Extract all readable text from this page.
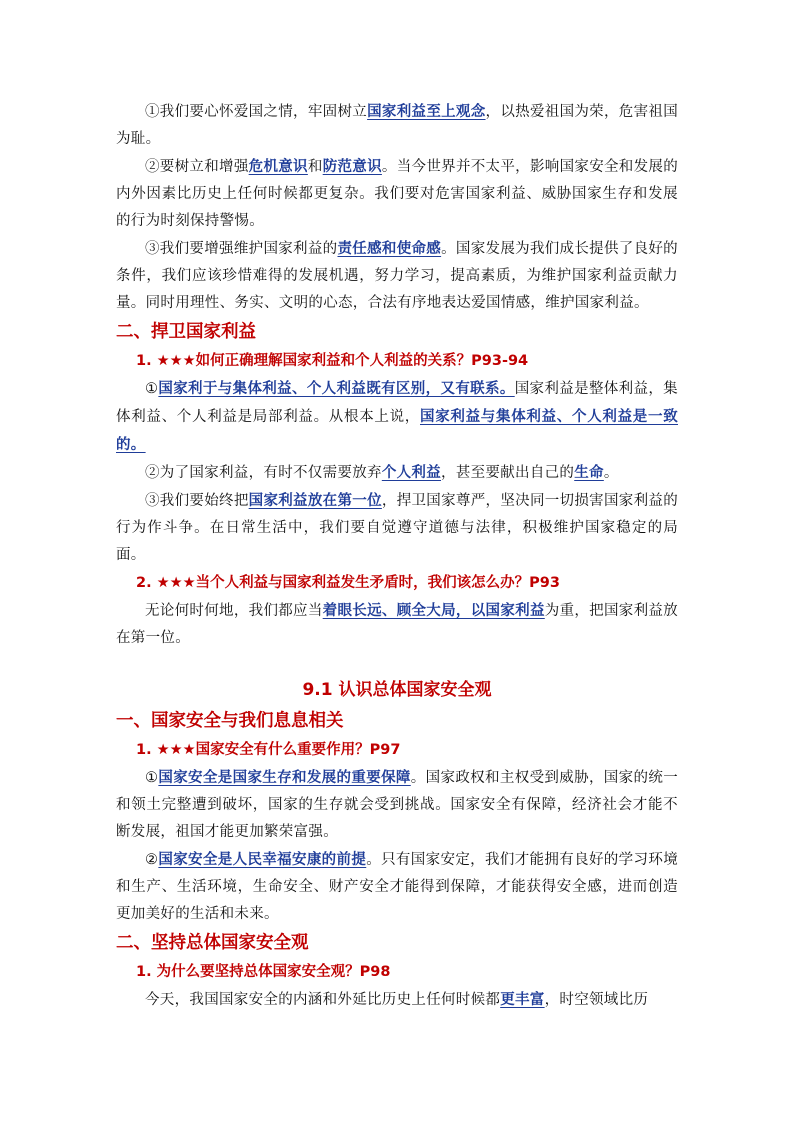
①我们要心怀爱国之情，牢固树立国家利益至上观念，以热爱祖国为荣，危害祖国为耻。

②要树立和增强危机意识和防范意识。当今世界并不太平，影响国家安全和发展的内外因素比历史上任何时候都更复杂。我们要对危害国家利益、威胁国家生存和发展的行为时刻保持警惕。

③我们要增强维护国家利益的责任感和使命感。国家发展为我们成长提供了良好的条件，我们应该珍惜难得的发展机遇，努力学习，提高素质，为维护国家利益贡献力量。同时用理性、务实、文明的心态，合法有序地表达爱国情感，维护国家利益。

二、捍卫国家利益

1. ★★★如何正确理解国家利益和个人利益的关系？P93-94

①国家利于与集体利益、个人利益既有区别，又有联系。国家利益是整体利益，集体利益、个人利益是局部利益。从根本上说，国家利益与集体利益、个人利益是一致的。

②为了国家利益，有时不仅需要放弃个人利益，甚至要献出自己的生命。

③我们要始终把国家利益放在第一位，捍卫国家尊严，坚决同一切损害国家利益的行为作斗争。在日常生活中，我们要自觉遵守道德与法律，积极维护国家稳定的局面。

2. ★★★当个人利益与国家利益发生矛盾时，我们该怎么办？P93

无论何时何地，我们都应当着眼长远、顾全大局，以国家利益为重，把国家利益放在第一位。

9.1 认识总体国家安全观

一、国家安全与我们息息相关

1. ★★★国家安全有什么重要作用？P97

①国家安全是国家生存和发展的重要保障。国家政权和主权受到威胁，国家的统一和领土完整遭到破坏，国家的生存就会受到挑战。国家安全有保障，经济社会才能不断发展，祖国才能更加繁荣富强。

②国家安全是人民幸福安康的前提。只有国家安定，我们才能拥有良好的学习环境和生产、生活环境，生命安全、财产安全才能得到保障，才能获得安全感，进而创造更加美好的生活和未来。

二、坚持总体国家安全观

1. 为什么要坚持总体国家安全观？P98

今天，我国国家安全的内涵和外延比历史上任何时候都更丰富，时空领域比历
